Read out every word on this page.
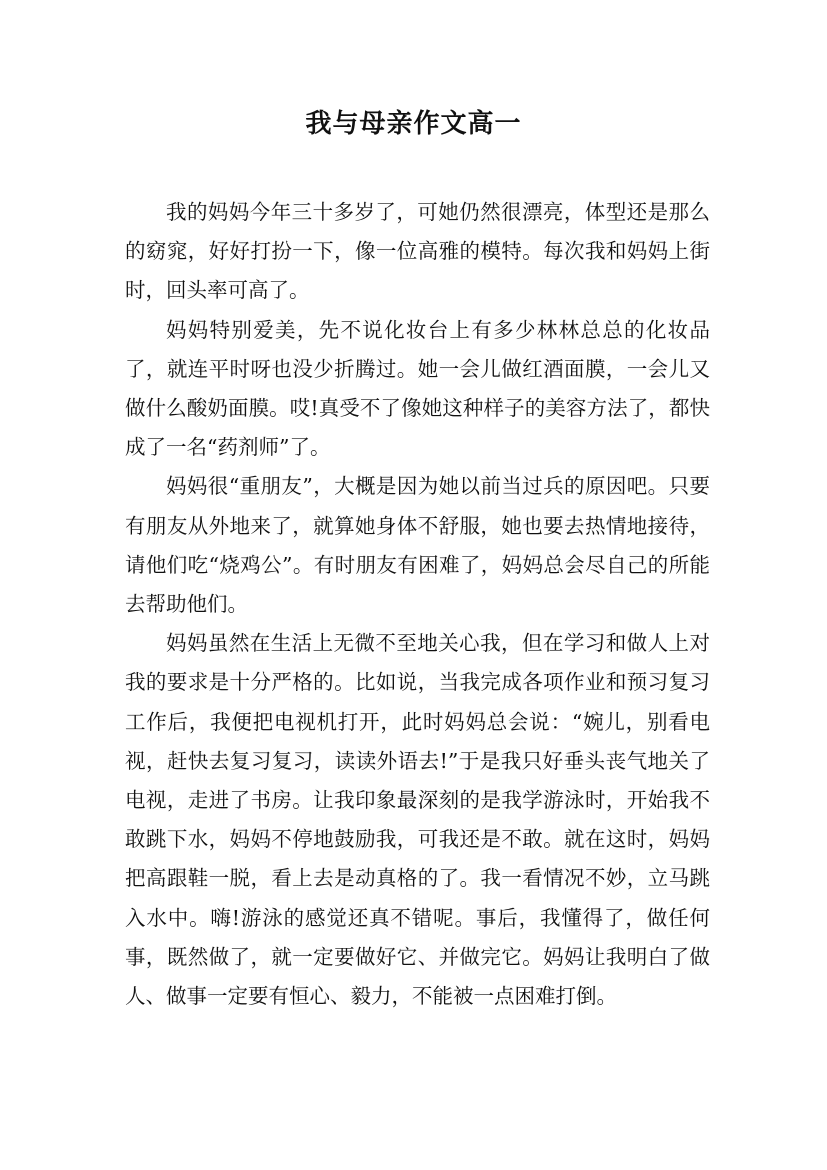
我与母亲作文高一

我的妈妈今年三十多岁了，可她仍然很漂亮，体型还是那么的窈窕，好好打扮一下，像一位高雅的模特。每次我和妈妈上街时，回头率可高了。

妈妈特别爱美，先不说化妆台上有多少林林总总的化妆品了，就连平时呀也没少折腾过。她一会儿做红酒面膜，一会儿又做什么酸奶面膜。哎!真受不了像她这种样子的美容方法了，都快成了一名“药剂师”了。

妈妈很“重朋友”，大概是因为她以前当过兵的原因吧。只要有朋友从外地来了，就算她身体不舒服，她也要去热情地接待，请他们吃“烧鸡公”。有时朋友有困难了，妈妈总会尽自己的所能去帮助他们。

妈妈虽然在生活上无微不至地关心我，但在学习和做人上对我的要求是十分严格的。比如说，当我完成各项作业和预习复习工作后，我便把电视机打开，此时妈妈总会说：“婉儿，别看电视，赶快去复习复习，读读外语去!”于是我只好垂头丧气地关了电视，走进了书房。让我印象最深刻的是我学游泳时，开始我不敢跳下水，妈妈不停地鼓励我，可我还是不敢。就在这时，妈妈把高跟鞋一脱，看上去是动真格的了。我一看情况不妙，立马跳入水中。嗨!游泳的感觉还真不错呢。事后，我懂得了，做任何事，既然做了，就一定要做好它、并做完它。妈妈让我明白了做人、做事一定要有恒心、毅力，不能被一点困难打倒。
